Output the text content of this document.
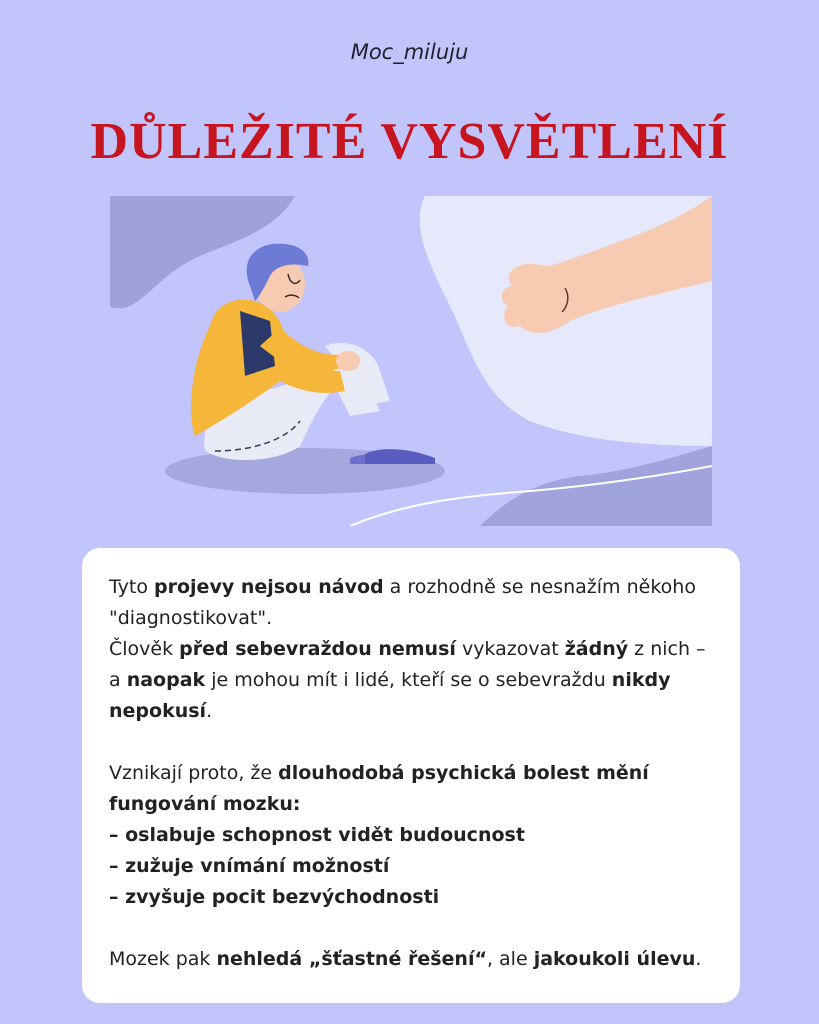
Moc_miluju
DŮLEŽITÉ VYSVĚTLENÍ

Tyto projevy nejsou návod a rozhodně se nesnažím někoho "diagnostikovat".

Člověk před sebevraždou nemusí vykazovat žádný z nich – a naopak je mohou mít i lidé, kteří se o sebevraždu nikdy nepokusí.

Vznikají proto, že dlouhodobá psychická bolest mění fungování mozku:

– oslabuje schopnost vidět budoucnost

– zužuje vnímání možností

– zvyšuje pocit bezvýchodnosti

Mozek pak nehledá „šťastné řešení“, ale jakoukoli úlevu.
